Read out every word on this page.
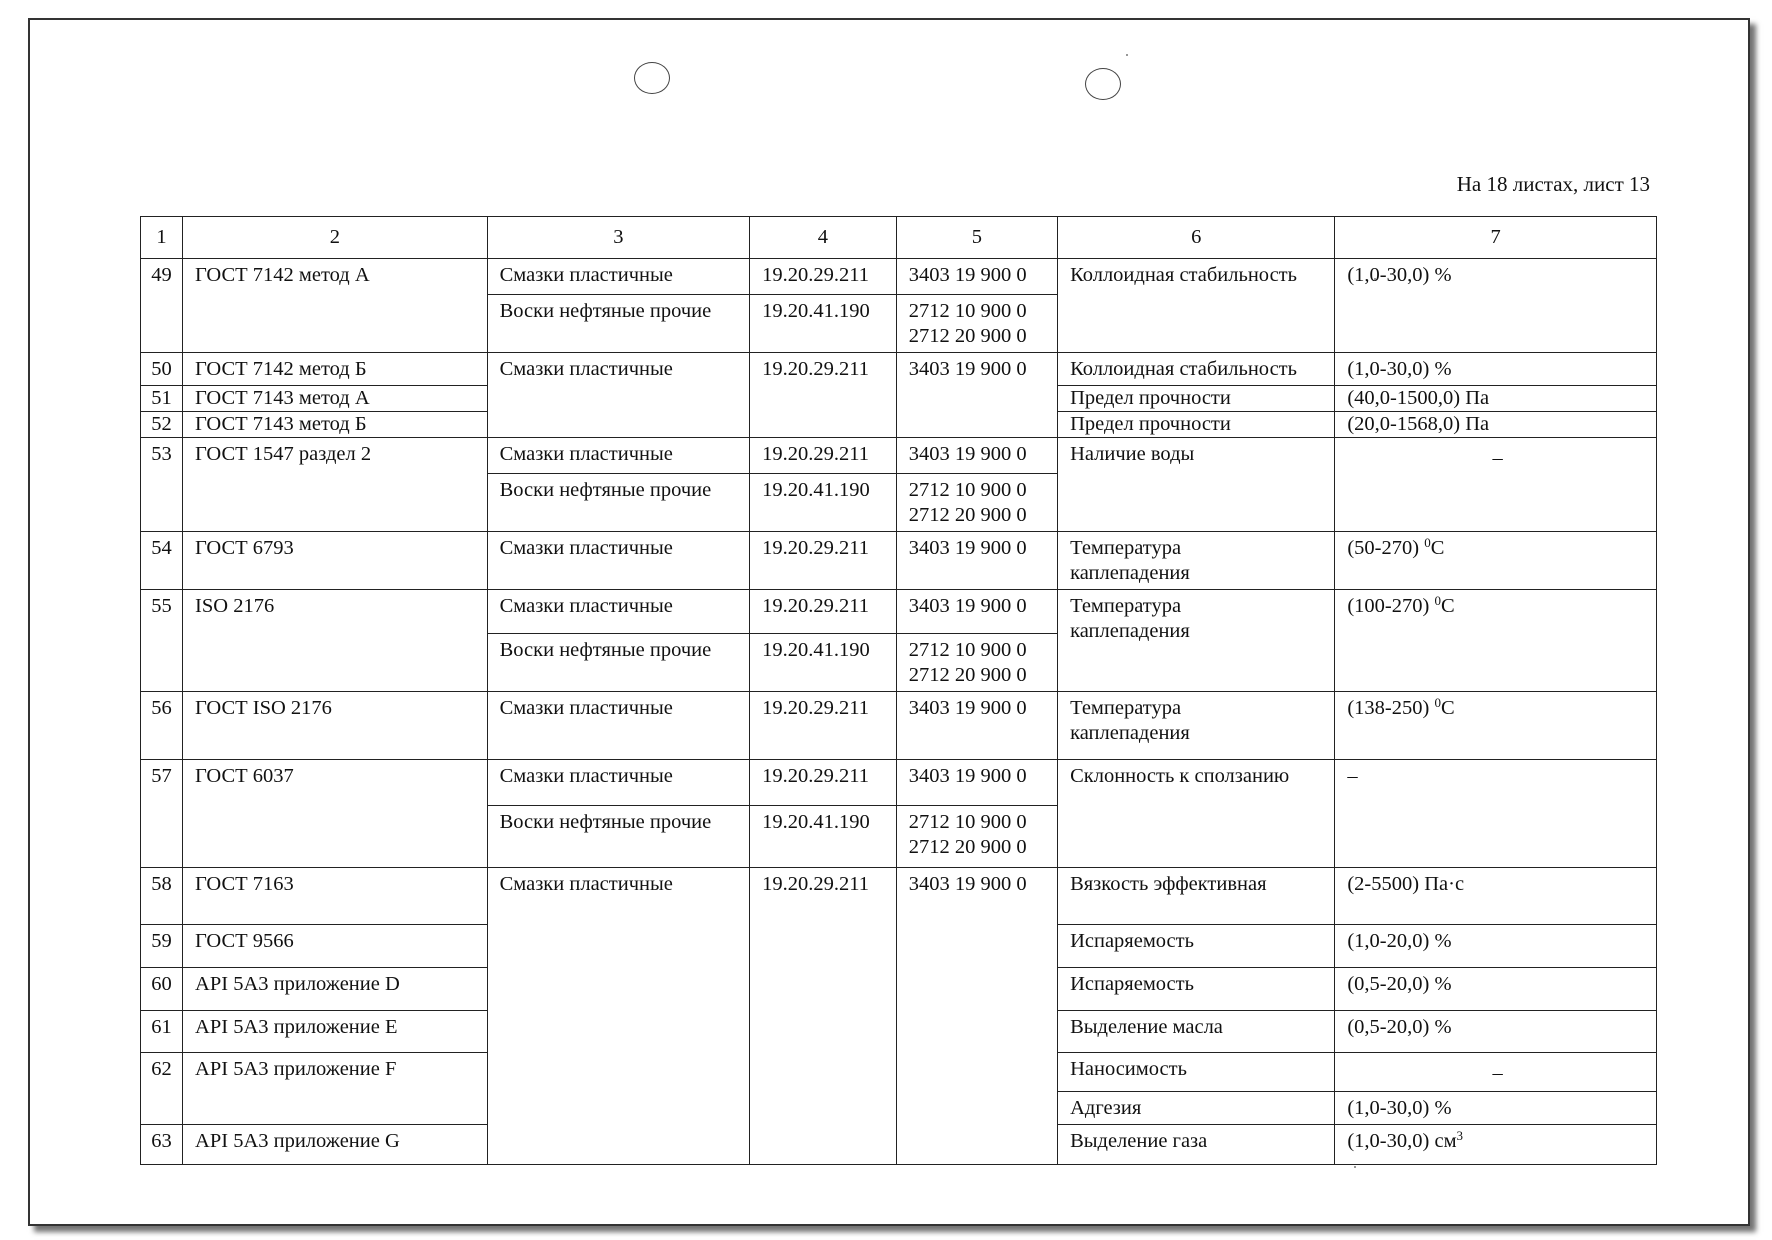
На 18 листах, лист 13
1	2	3	4	5	6	7
49	ГОСТ 7142 метод А	Смазки пластичные	19.20.29.211	3403 19 900 0	Коллоидная стабильность	(1,0-30,0) %
		Воски нефтяные прочие	19.20.41.190	2712 10 900 0
2712 20 900 0		

50	ГОСТ 7142 метод Б	Смазки пластичные	19.20.29.211	3403 19 900 0	Коллоидная стабильность	(1,0-30,0) %
51	ГОСТ 7143 метод А				Предел прочности	(40,0-1500,0) Па
52	ГОСТ 7143 метод Б				Предел прочности	(20,0-1568,0) Па
53	ГОСТ 1547 раздел 2	Смазки пластичные	19.20.29.211	3403 19 900 0	Наличие воды	–
		Воски нефтяные прочие	19.20.41.190	2712 10 900 0
2712 20 900 0		

54	ГОСТ 6793	Смазки пластичные	19.20.29.211	3403 19 900 0	Температура
каплепадения	(50-270) $^0$С
55	ISO 2176	Смазки пластичные	19.20.29.211	3403 19 900 0	Температура
каплепадения	(100-270) $^0$С
		Воски нефтяные прочие	19.20.41.190	2712 10 900 0
2712 20 900 0		

56	ГОСТ ISO 2176	Смазки пластичные	19.20.29.211	3403 19 900 0	Температура
каплепадения	(138-250) $^0$С
57	ГОСТ 6037	Смазки пластичные	19.20.29.211	3403 19 900 0	Склонность к сползанию	–
		Воски нефтяные прочие	19.20.41.190	2712 10 900 0
2712 20 900 0		

58	ГОСТ 7163	Смазки пластичные	19.20.29.211	3403 19 900 0	Вязкость эффективная	(2-5500) Па·с
59	ГОСТ 9566				Испаряемость	(1,0-20,0) %
60	API 5A3 приложение D				Испаряемость	(0,5-20,0) %
61	API 5A3 приложение E				Выделение масла	(0,5-20,0) %
62	API 5A3 приложение F				Наносимость	–
					Адгезия	(1,0-30,0) %
63	API 5A3 приложение G				Выделение газа	(1,0-30,0) $см^3$
